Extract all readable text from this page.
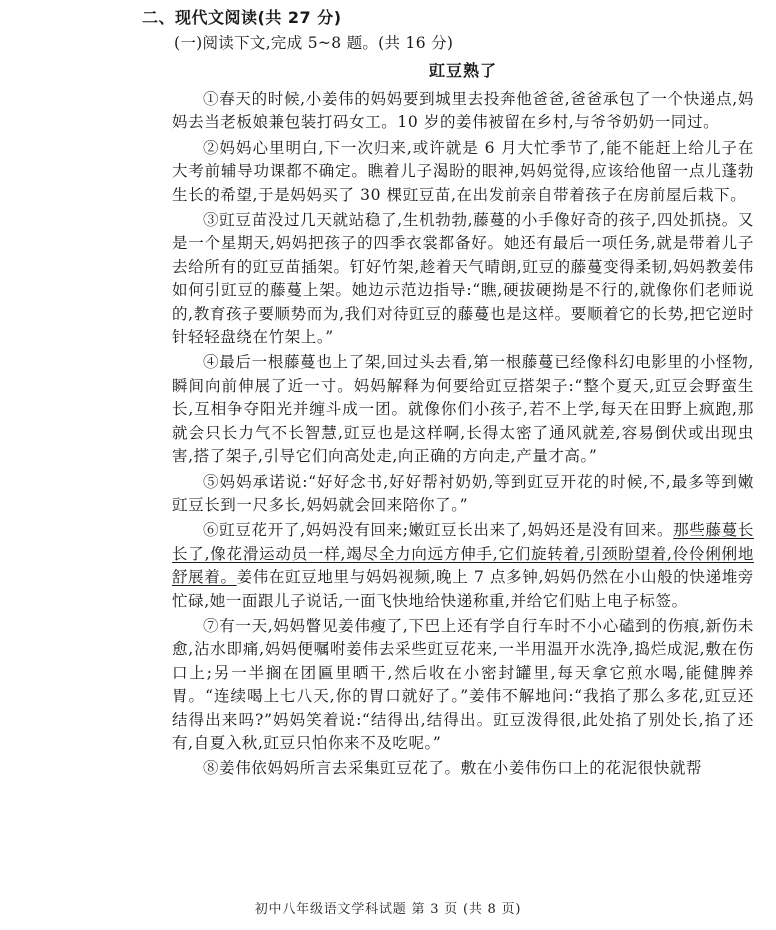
二、现代文阅读(共 27 分)
(一)阅读下文,完成 5~8 题。(共 16 分)
豇豆熟了

①春天的时候,小姜伟的妈妈要到城里去投奔他爸爸,爸爸承包了一个快递点,妈妈去当老板娘兼包装打码女工。10 岁的姜伟被留在乡村,与爷爷奶奶一同过。

②妈妈心里明白,下一次归来,或许就是 6 月大忙季节了,能不能赶上给儿子在大考前辅导功课都不确定。瞧着儿子渴盼的眼神,妈妈觉得,应该给他留一点儿蓬勃生长的希望,于是妈妈买了 30 棵豇豆苗,在出发前亲自带着孩子在房前屋后栽下。

③豇豆苗没过几天就站稳了,生机勃勃,藤蔓的小手像好奇的孩子,四处抓挠。又是一个星期天,妈妈把孩子的四季衣裳都备好。她还有最后一项任务,就是带着儿子去给所有的豇豆苗插架。钉好竹架,趁着天气晴朗,豇豆的藤蔓变得柔韧,妈妈教姜伟如何引豇豆的藤蔓上架。她边示范边指导:“瞧,硬拔硬拗是不行的,就像你们老师说的,教育孩子要顺势而为,我们对待豇豆的藤蔓也是这样。要顺着它的长势,把它逆时针轻轻盘绕在竹架上。”

④最后一根藤蔓也上了架,回过头去看,第一根藤蔓已经像科幻电影里的小怪物,瞬间向前伸展了近一寸。妈妈解释为何要给豇豆搭架子:“整个夏天,豇豆会野蛮生长,互相争夺阳光并缠斗成一团。就像你们小孩子,若不上学,每天在田野上疯跑,那就会只长力气不长智慧,豇豆也是这样啊,长得太密了通风就差,容易倒伏或出现虫害,搭了架子,引导它们向高处走,向正确的方向走,产量才高。”

⑤妈妈承诺说:“好好念书,好好帮衬奶奶,等到豇豆开花的时候,不,最多等到嫩豇豆长到一尺多长,妈妈就会回来陪你了。”

⑥豇豆花开了,妈妈没有回来;嫩豇豆长出来了,妈妈还是没有回来。那些藤蔓长长了,像花滑运动员一样,竭尽全力向远方伸手,它们旋转着,引颈盼望着,伶伶俐俐地舒展着。姜伟在豇豆地里与妈妈视频,晚上 7 点多钟,妈妈仍然在小山般的快递堆旁忙碌,她一面跟儿子说话,一面飞快地给快递称重,并给它们贴上电子标签。

⑦有一天,妈妈瞥见姜伟瘦了,下巴上还有学自行车时不小心磕到的伤痕,新伤未愈,沾水即痛,妈妈便嘱咐姜伟去采些豇豆花来,一半用温开水洗净,捣烂成泥,敷在伤口上;另一半搁在团匾里晒干,然后收在小密封罐里,每天拿它煎水喝,能健脾养胃。“连续喝上七八天,你的胃口就好了。”姜伟不解地问:“我掐了那么多花,豇豆还结得出来吗?”妈妈笑着说:“结得出,结得出。豇豆泼得很,此处掐了别处长,掐了还有,自夏入秋,豇豆只怕你来不及吃呢。”

⑧姜伟依妈妈所言去采集豇豆花了。敷在小姜伟伤口上的花泥很快就帮

初中八年级语文学科试题 第 3 页 (共 8 页)
